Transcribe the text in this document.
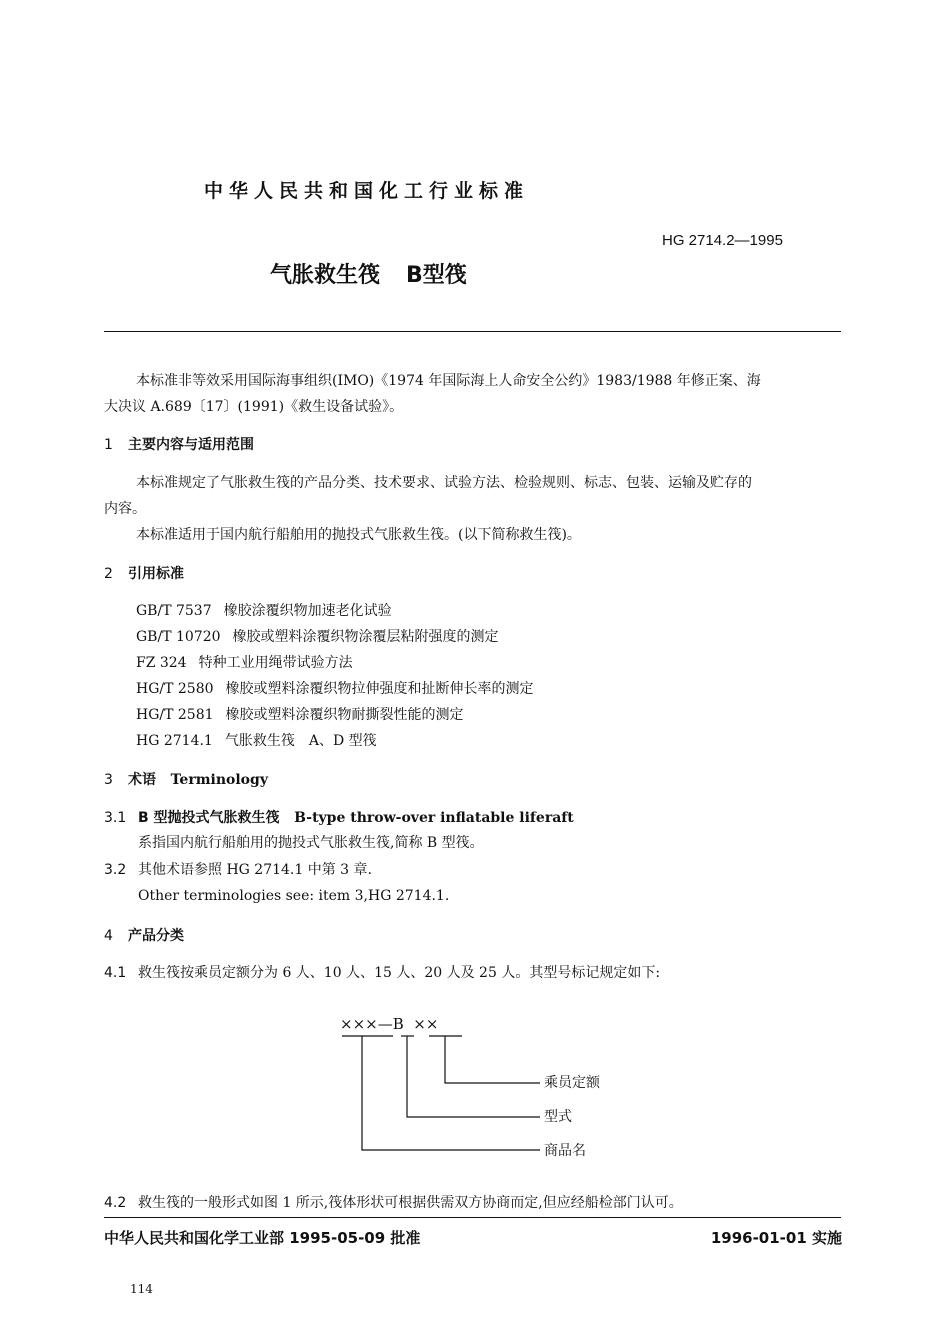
中华人民共和国化工行业标准
HG 2714.2—1995
气胀救生筏 B型筏
本标准非等效采用国际海事组织(IMO)《1974 年国际海上人命安全公约》1983/1988 年修正案、海
大决议 A.689〔17〕(1991)《救生设备试验》。
1 主要内容与适用范围
本标准规定了气胀救生筏的产品分类、技术要求、试验方法、检验规则、标志、包装、运输及贮存的
内容。
本标准适用于国内航行船舶用的抛投式气胀救生筏。(以下简称救生筏)。
2 引用标准
GB/T 7537 橡胶涂覆织物加速老化试验
GB/T 10720 橡胶或塑料涂覆织物涂覆层粘附强度的测定
FZ 324 特种工业用绳带试验方法
HG/T 2580 橡胶或塑料涂覆织物拉伸强度和扯断伸长率的测定
HG/T 2581 橡胶或塑料涂覆织物耐撕裂性能的测定
HG 2714.1 气胀救生筏　A、D 型筏
3 术语 Terminology
3.1 B 型抛投式气胀救生筏 B-type throw-over inflatable liferaft
系指国内航行船舶用的抛投式气胀救生筏,简称 B 型筏。
3.2 其他术语参照 HG 2714.1 中第 3 章.
Other terminologies see: item 3,HG 2714.1.
4 产品分类
4.1 救生筏按乘员定额分为 6 人、10 人、15 人、20 人及 25 人。其型号标记规定如下:
×××—B ××
乘员定额
型式
商品名
4.2 救生筏的一般形式如图 1 所示,筏体形状可根据供需双方协商而定,但应经船检部门认可。
中华人民共和国化学工业部 1995-05-09 批准	1996-01-01 实施
114
